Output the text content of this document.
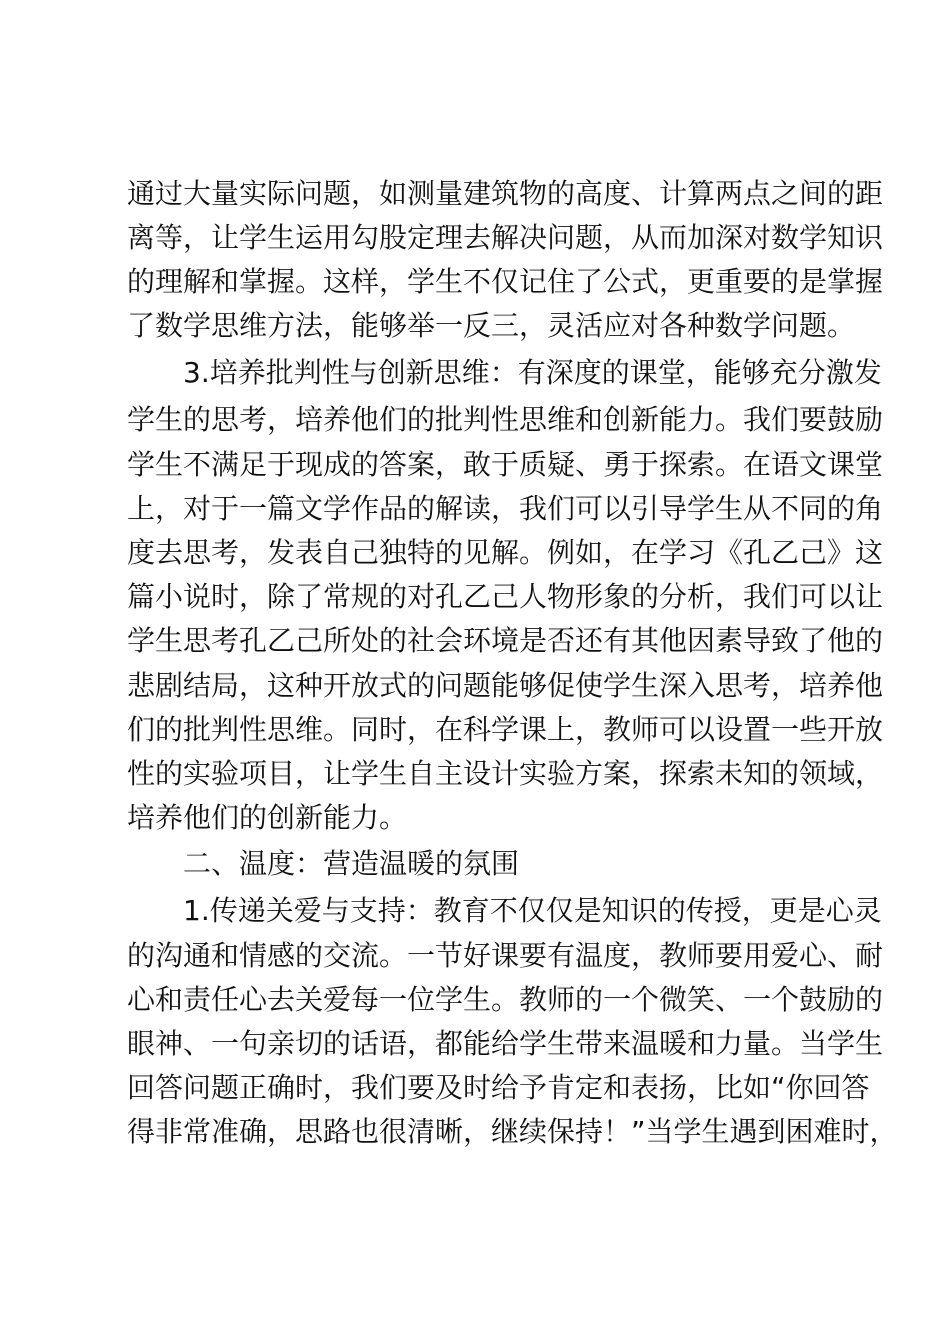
通过大量实际问题，如测量建筑物的高度、计算两点之间的距
离等，让学生运用勾股定理去解决问题，从而加深对数学知识
的理解和掌握。这样，学生不仅记住了公式，更重要的是掌握
了数学思维方法，能够举一反三，灵活应对各种数学问题。
3.培养批判性与创新思维：有深度的课堂，能够充分激发
学生的思考，培养他们的批判性思维和创新能力。我们要鼓励
学生不满足于现成的答案，敢于质疑、勇于探索。在语文课堂
上，对于一篇文学作品的解读，我们可以引导学生从不同的角
度去思考，发表自己独特的见解。例如，在学习《孔乙己》这
篇小说时，除了常规的对孔乙己人物形象的分析，我们可以让
学生思考孔乙己所处的社会环境是否还有其他因素导致了他的
悲剧结局，这种开放式的问题能够促使学生深入思考，培养他
们的批判性思维。同时，在科学课上，教师可以设置一些开放
性的实验项目，让学生自主设计实验方案，探索未知的领域，
培养他们的创新能力。
二、温度：营造温暖的氛围
1.传递关爱与支持：教育不仅仅是知识的传授，更是心灵
的沟通和情感的交流。一节好课要有温度，教师要用爱心、耐
心和责任心去关爱每一位学生。教师的一个微笑、一个鼓励的
眼神、一句亲切的话语，都能给学生带来温暖和力量。当学生
回答问题正确时，我们要及时给予肯定和表扬，比如“你回答
得非常准确，思路也很清晰，继续保持！”当学生遇到困难时，
